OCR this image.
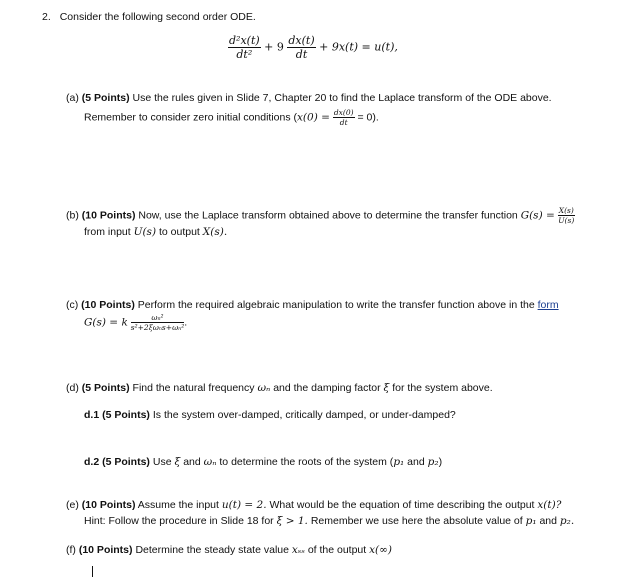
2. Consider the following second order ODE.
$\frac{\text{d²x(t)}}{\text{dt²}} + 9 \frac{dx(t)}{dt} + 9x(t) = u(t)$,
(a) (5 Points) Use the rules given in Slide 7, Chapter 20 to find the Laplace transform of the ODE above.
Remember to consider zero initial conditions $(x(0) = \frac{dx(0)}{dt} = 0)$.
(b) (10 Points) Now, use the Laplace transform obtained above to determine the transfer function $G(s) = \frac{X(s)}{U(s)}$
from input U(s) to output X(s).
(c) (10 Points) Perform the required algebraic manipulation to write the transfer function above in the form
G(s) = k $\frac{\text{ωₙ²}}{\text{s²+2ξωₙs+ωₙ²}}$ .
(d) (5 Points) Find the natural frequency ωₙ and the damping factor ξ for the system above.
d.1 (5 Points) Is the system over-damped, critically damped, or under-damped?
d.2 (5 Points) Use ξ and ωₙ to determine the roots of the system (p₁ and p₂)
(e) (10 Points) Assume the input u(t) = 2. What would be the equation of time describing the output x(t)?
Hint: Follow the procedure in Slide 18 for ξ > 1. Remember we use here the absolute value of p₁ and p₂.
(f) (10 Points) Determine the steady state value xₛₛ of the output x(∞)
